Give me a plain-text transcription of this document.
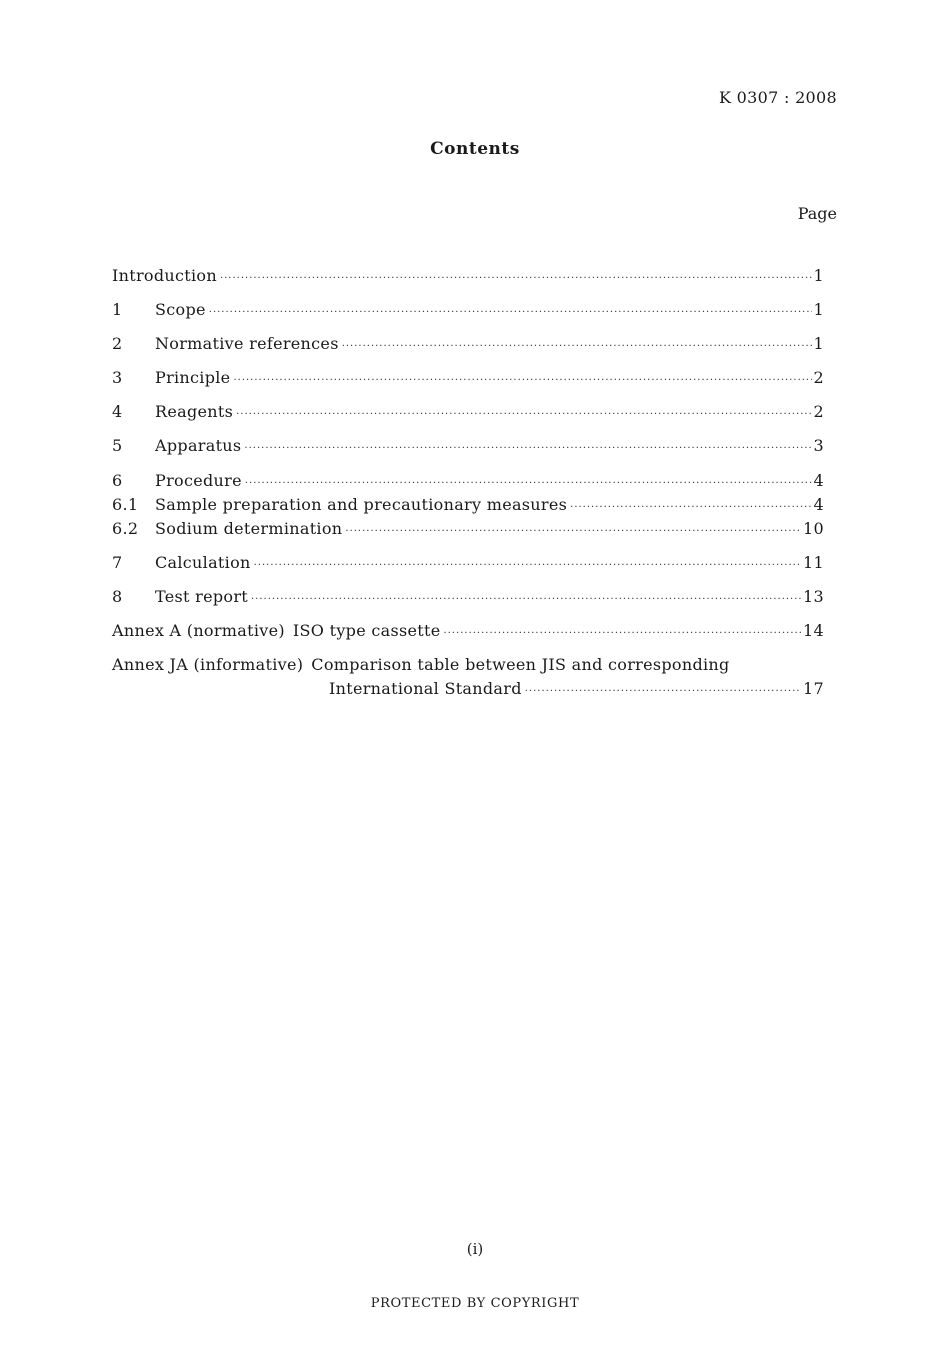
K 0307 : 2008
Contents
Page
Introduction ·····	1
1	Scope ·····	1
2	Normative references ·····	1
3	Principle ·····	2
4	Reagents ·····	2
5	Apparatus ·····	3
6	Procedure ·····	4
6.1	Sample preparation and precautionary measures ·····	4
6.2	Sodium determination ·····	10
7	Calculation ·····	11
8	Test report ·····	13
Annex A (normative) ISO type cassette ·····	14
Annex JA (informative) Comparison table between JIS and corresponding
International Standard ·····	17
(i)
PROTECTED BY COPYRIGHT
